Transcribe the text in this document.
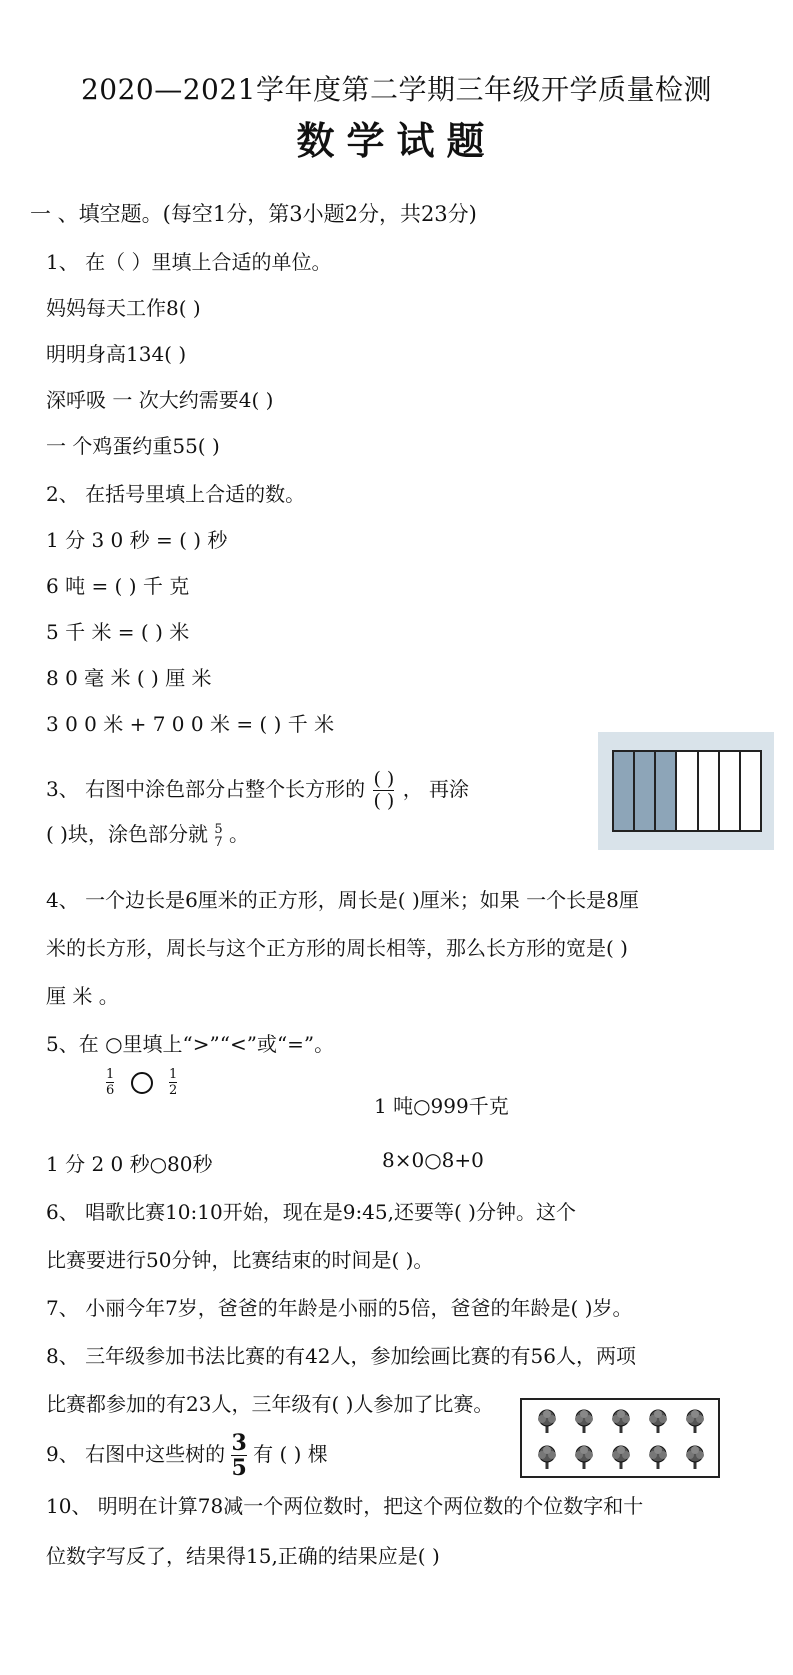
2020—2021学年度第二学期三年级开学质量检测
数学试题
一 、填空题。(每空1分，第3小题2分，共23分)
1、 在（ ）里填上合适的单位。
妈妈每天工作8( )
明明身高134( )
深呼吸 一 次大约需要4( )
一 个鸡蛋约重55( )
2、 在括号里填上合适的数。
1 分 3 0 秒 = ( ) 秒
6 吨 = ( ) 千 克
5 千 米 = ( ) 米
8 0 毫 米 ( ) 厘 米
3 0 0 米 + 7 0 0 米 = ( ) 千 米
3、 右图中涂色部分占整个长方形的 $\frac{( )}{( )}$ ， 再涂
( )块，涂色部分就 5
7 。
4、 一个边长是6厘米的正方形，周长是( )厘米；如果 一个长是8厘
米的长方形，周长与这个正方形的周长相等，那么长方形的宽是( )
厘 米 。
5、在 ○里填上“>”“<”或“=”。
$\frac{1}{6}$
	$\frac{1}{2}$
1 吨○999千克
1 分 2 0 秒○80秒	8×0○8+0
6、 唱歌比赛10:10开始，现在是9:45,还要等( )分钟。这个
比赛要进行50分钟，比赛结束的时间是( )。
7、 小丽今年7岁，爸爸的年龄是小丽的5倍，爸爸的年龄是( )岁。
8、 三年级参加书法比赛的有42人，参加绘画比赛的有56人，两项
比赛都参加的有23人，三年级有( )人参加了比赛。
9、 右图中这些树的 $\frac{3}{5}$ 有 ( ) 棵
10、 明明在计算78减一个两位数时，把这个两位数的个位数字和十
位数字写反了，结果得15,正确的结果应是( )
